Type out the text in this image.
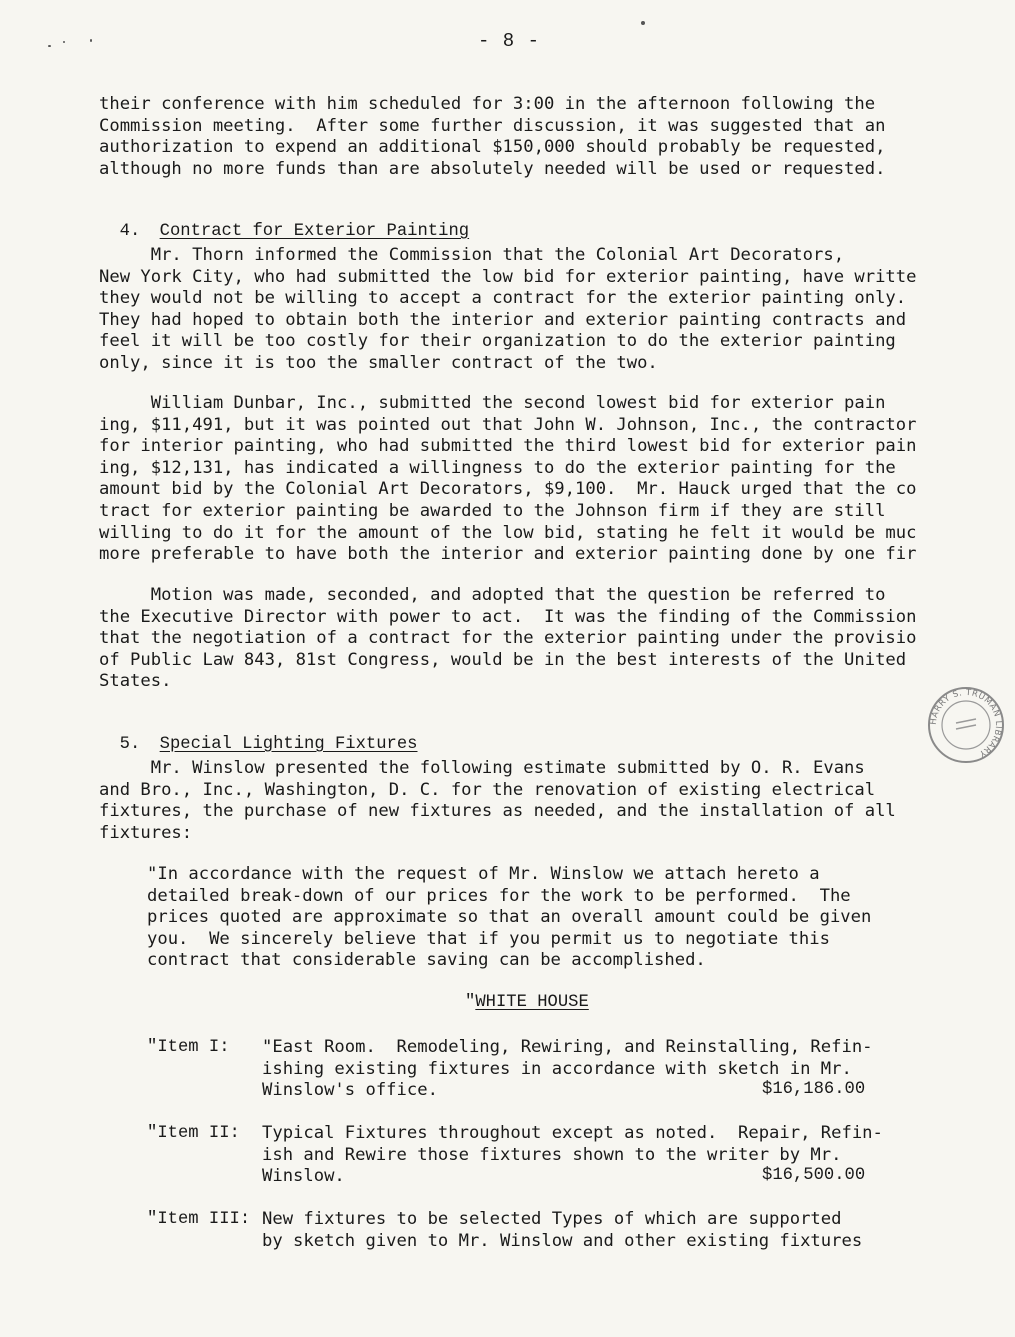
- 8 -
their conference with him scheduled for 3:00 in the afternoon following the
Commission meeting.  After some further discussion, it was suggested that an
authorization to expend an additional $150,000 should probably be requested,
although no more funds than are absolutely needed will be used or requested.

4. Contract for Exterior Painting

Mr. Thorn informed the Commission that the Colonial Art Decorators,
New York City, who had submitted the low bid for exterior painting, have writte
they would not be willing to accept a contract for the exterior painting only.
They had hoped to obtain both the interior and exterior painting contracts and
feel it will be too costly for their organization to do the exterior painting
only, since it is too the smaller contract of the two.
William Dunbar, Inc., submitted the second lowest bid for exterior pain
ing, $11,491, but it was pointed out that John W. Johnson, Inc., the contractor
for interior painting, who had submitted the third lowest bid for exterior pain
ing, $12,131, has indicated a willingness to do the exterior painting for the
amount bid by the Colonial Art Decorators, $9,100.  Mr. Hauck urged that the co
tract for exterior painting be awarded to the Johnson firm if they are still
willing to do it for the amount of the low bid, stating he felt it would be muc
more preferable to have both the interior and exterior painting done by one fir
Motion was made, seconded, and adopted that the question be referred to
the Executive Director with power to act.  It was the finding of the Commission
that the negotiation of a contract for the exterior painting under the provisio
of Public Law 843, 81st Congress, would be in the best interests of the United
States.

5. Special Lighting Fixtures

Mr. Winslow presented the following estimate submitted by O. R. Evans
and Bro., Inc., Washington, D. C. for the renovation of existing electrical
fixtures, the purchase of new fixtures as needed, and the installation of all
fixtures:
"In accordance with the request of Mr. Winslow we attach hereto a
detailed break-down of our prices for the work to be performed.  The
prices quoted are approximate so that an overall amount could be given
you.  We sincerely believe that if you permit us to negotiate this
contract that considerable saving can be accomplished.
"WHITE HOUSE
"Item I: "East Room.  Remodeling, Rewiring, and Reinstalling, Refin-
ishing existing fixtures in accordance with sketch in Mr.
Winslow's office.	$16,186.00
"Item II: Typical Fixtures throughout except as noted.  Repair, Refin-
ish and Rewire those fixtures shown to the writer by Mr.
Winslow.	$16,500.00
"Item III: New fixtures to be selected Types of which are supported
by sketch given to Mr. Winslow and other existing fixtures
HARRY S. TRUMAN LIBRARY
